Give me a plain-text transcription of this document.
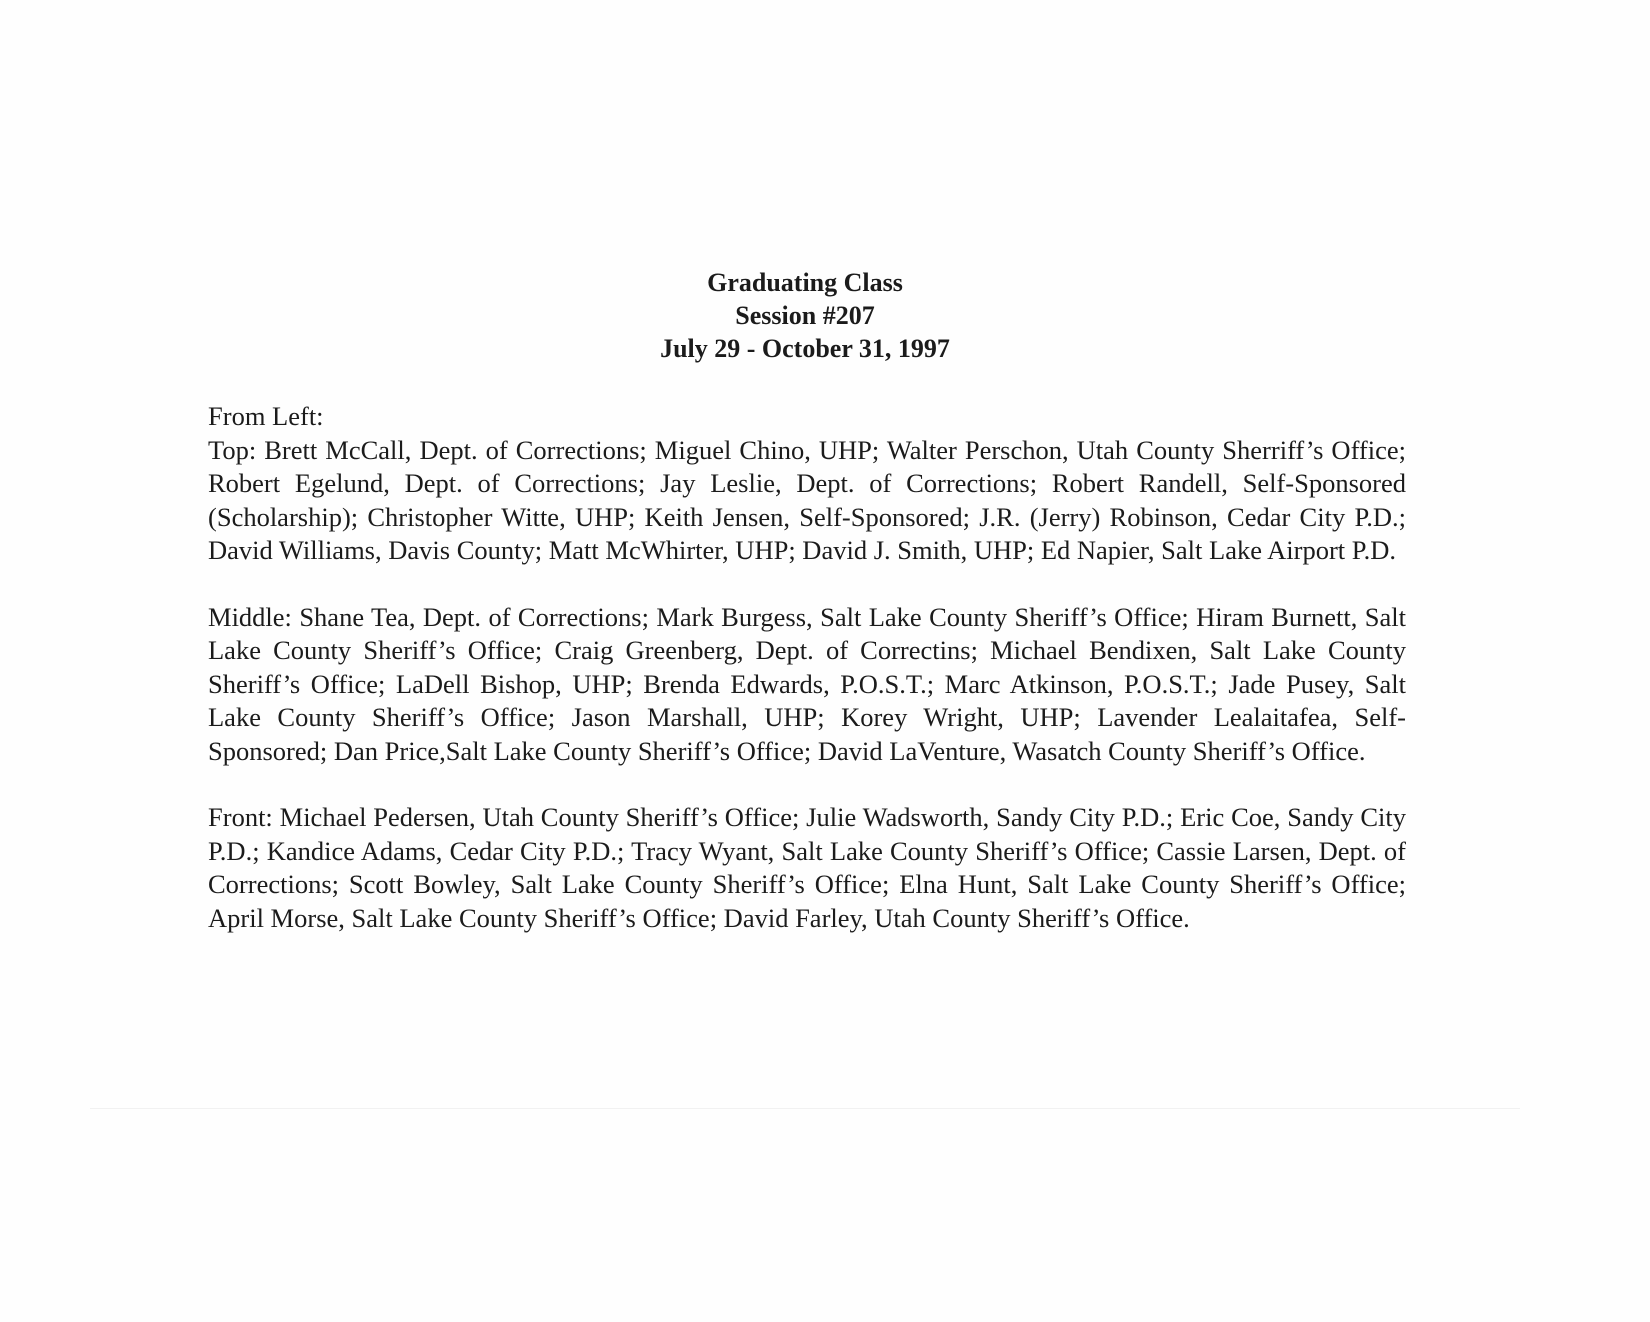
Graduating Class
Session #207
July 29 - October 31, 1997

From Left:

Top: Brett McCall, Dept. of Corrections; Miguel Chino, UHP; Walter Perschon, Utah County Sherriff’s Office; Robert Egelund, Dept. of Corrections; Jay Leslie, Dept. of Corrections; Robert Randell, Self-Sponsored (Scholarship); Christopher Witte, UHP; Keith Jensen, Self-Sponsored; J.R. (Jerry) Robinson, Cedar City P.D.; David Williams, Davis County; Matt McWhirter, UHP; David J. Smith, UHP; Ed Napier, Salt Lake Airport P.D.

Middle: Shane Tea, Dept. of Corrections; Mark Burgess, Salt Lake County Sheriff’s Office; Hiram Burnett, Salt Lake County Sheriff’s Office; Craig Greenberg, Dept. of Correctins; Michael Bendixen, Salt Lake County Sheriff’s Office; LaDell Bishop, UHP; Brenda Edwards, P.O.S.T.; Marc Atkinson, P.O.S.T.; Jade Pusey, Salt Lake County Sheriff’s Office; Jason Marshall, UHP; Korey Wright, UHP; Lavender Lealaitafea, Self-Sponsored; Dan Price,Salt Lake County Sheriff’s Office; David LaVenture, Wasatch County Sheriff’s Office.

Front: Michael Pedersen, Utah County Sheriff’s Office; Julie Wadsworth, Sandy City P.D.; Eric Coe, Sandy City P.D.; Kandice Adams, Cedar City P.D.; Tracy Wyant, Salt Lake County Sheriff’s Office; Cassie Larsen, Dept. of Corrections; Scott Bowley, Salt Lake County Sheriff’s Office; Elna Hunt, Salt Lake County Sheriff’s Office; April Morse, Salt Lake County Sheriff’s Office; David Farley, Utah County Sheriff’s Office.
